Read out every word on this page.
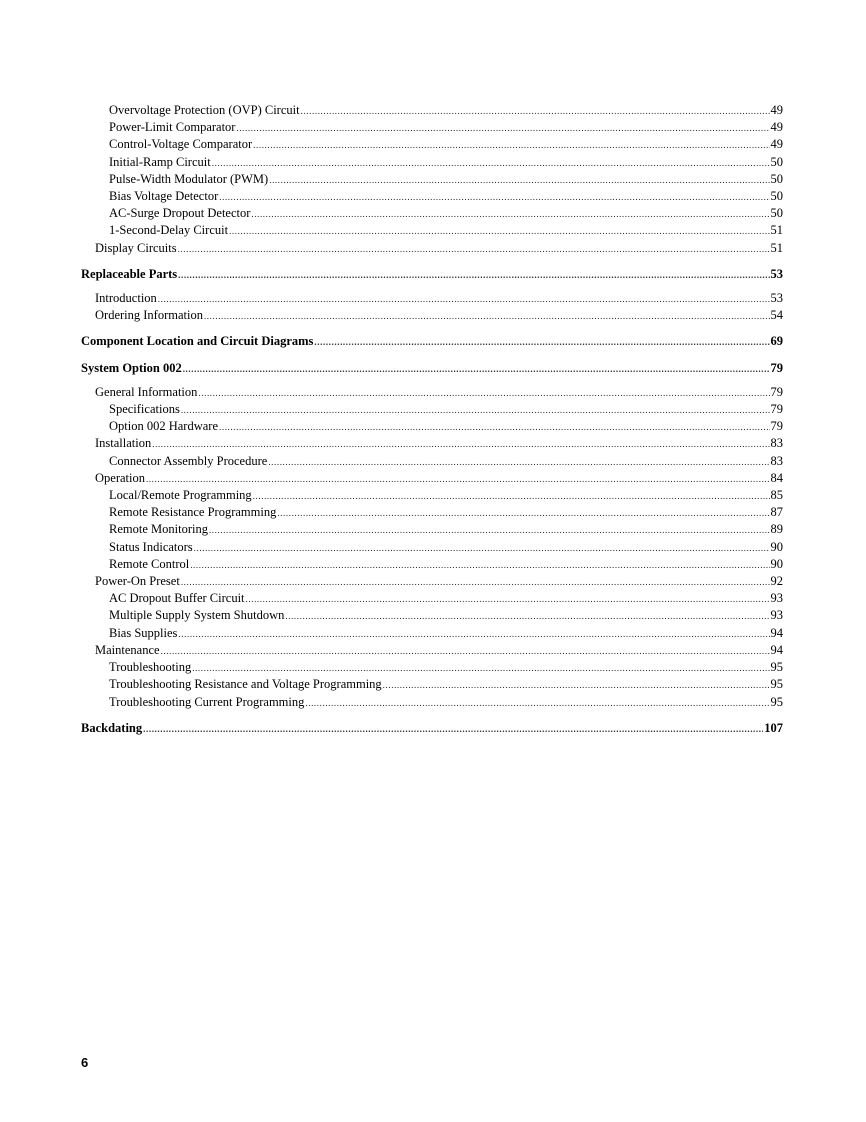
Overvoltage Protection (OVP) Circuit .....	49
Power-Limit Comparator .....	49
Control-Voltage Comparator .....	49
Initial-Ramp Circuit .....	50
Pulse-Width Modulator (PWM) .....	50
Bias Voltage Detector .....	50
AC-Surge Dropout Detector .....	50
1-Second-Delay Circuit .....	51
Display Circuits .....	51
Replaceable Parts .....	53
Introduction .....	53
Ordering Information .....	54
Component Location and Circuit Diagrams .....	69
System Option 002 .....	79
General Information .....	79
Specifications .....	79
Option 002 Hardware .....	79
Installation .....	83
Connector Assembly Procedure .....	83
Operation .....	84
Local/Remote Programming .....	85
Remote Resistance Programming .....	87
Remote Monitoring .....	89
Status Indicators .....	90
Remote Control .....	90
Power-On Preset .....	92
AC Dropout Buffer Circuit .....	93
Multiple Supply System Shutdown .....	93
Bias Supplies .....	94
Maintenance .....	94
Troubleshooting .....	95
Troubleshooting Resistance and Voltage Programming .....	95
Troubleshooting Current Programming .....	95
Backdating .....	107
6
